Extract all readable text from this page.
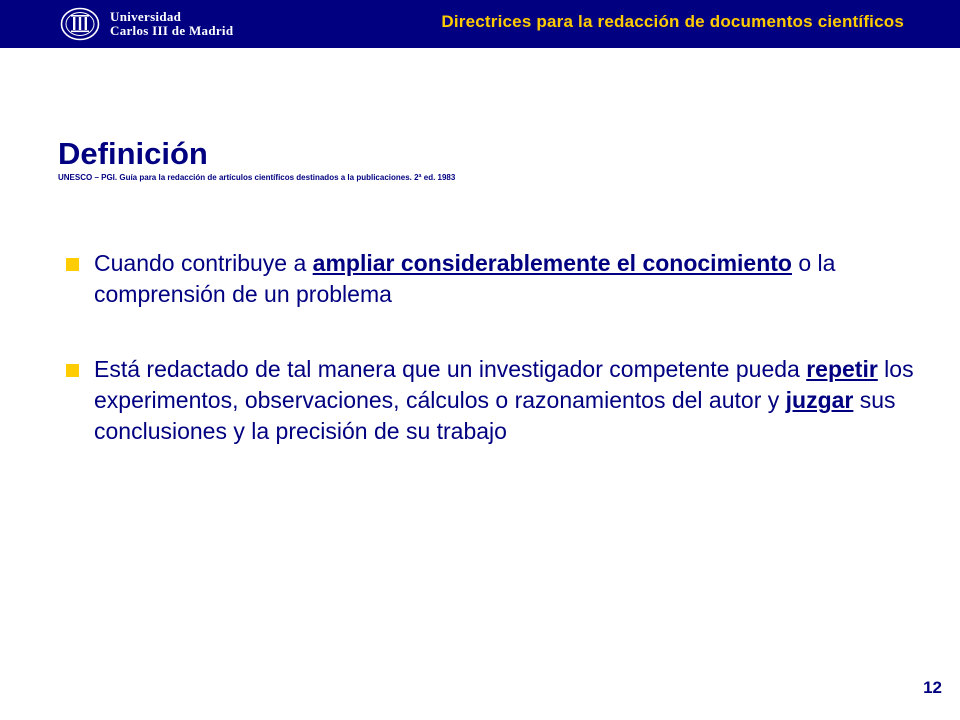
Universidad
Carlos III de Madrid	Directrices para la redacción de documentos científicos
Definición

UNESCO – PGI. Guía para la redacción de artículos científicos destinados a la publicaciones. 2ª ed. 1983

Cuando contribuye a ampliar considerablemente el conocimiento o la comprensión de un problema
Está redactado de tal manera que un investigador competente pueda repetir los experimentos, observaciones, cálculos o razonamientos del autor y juzgar sus conclusiones y la precisión de su trabajo
12
